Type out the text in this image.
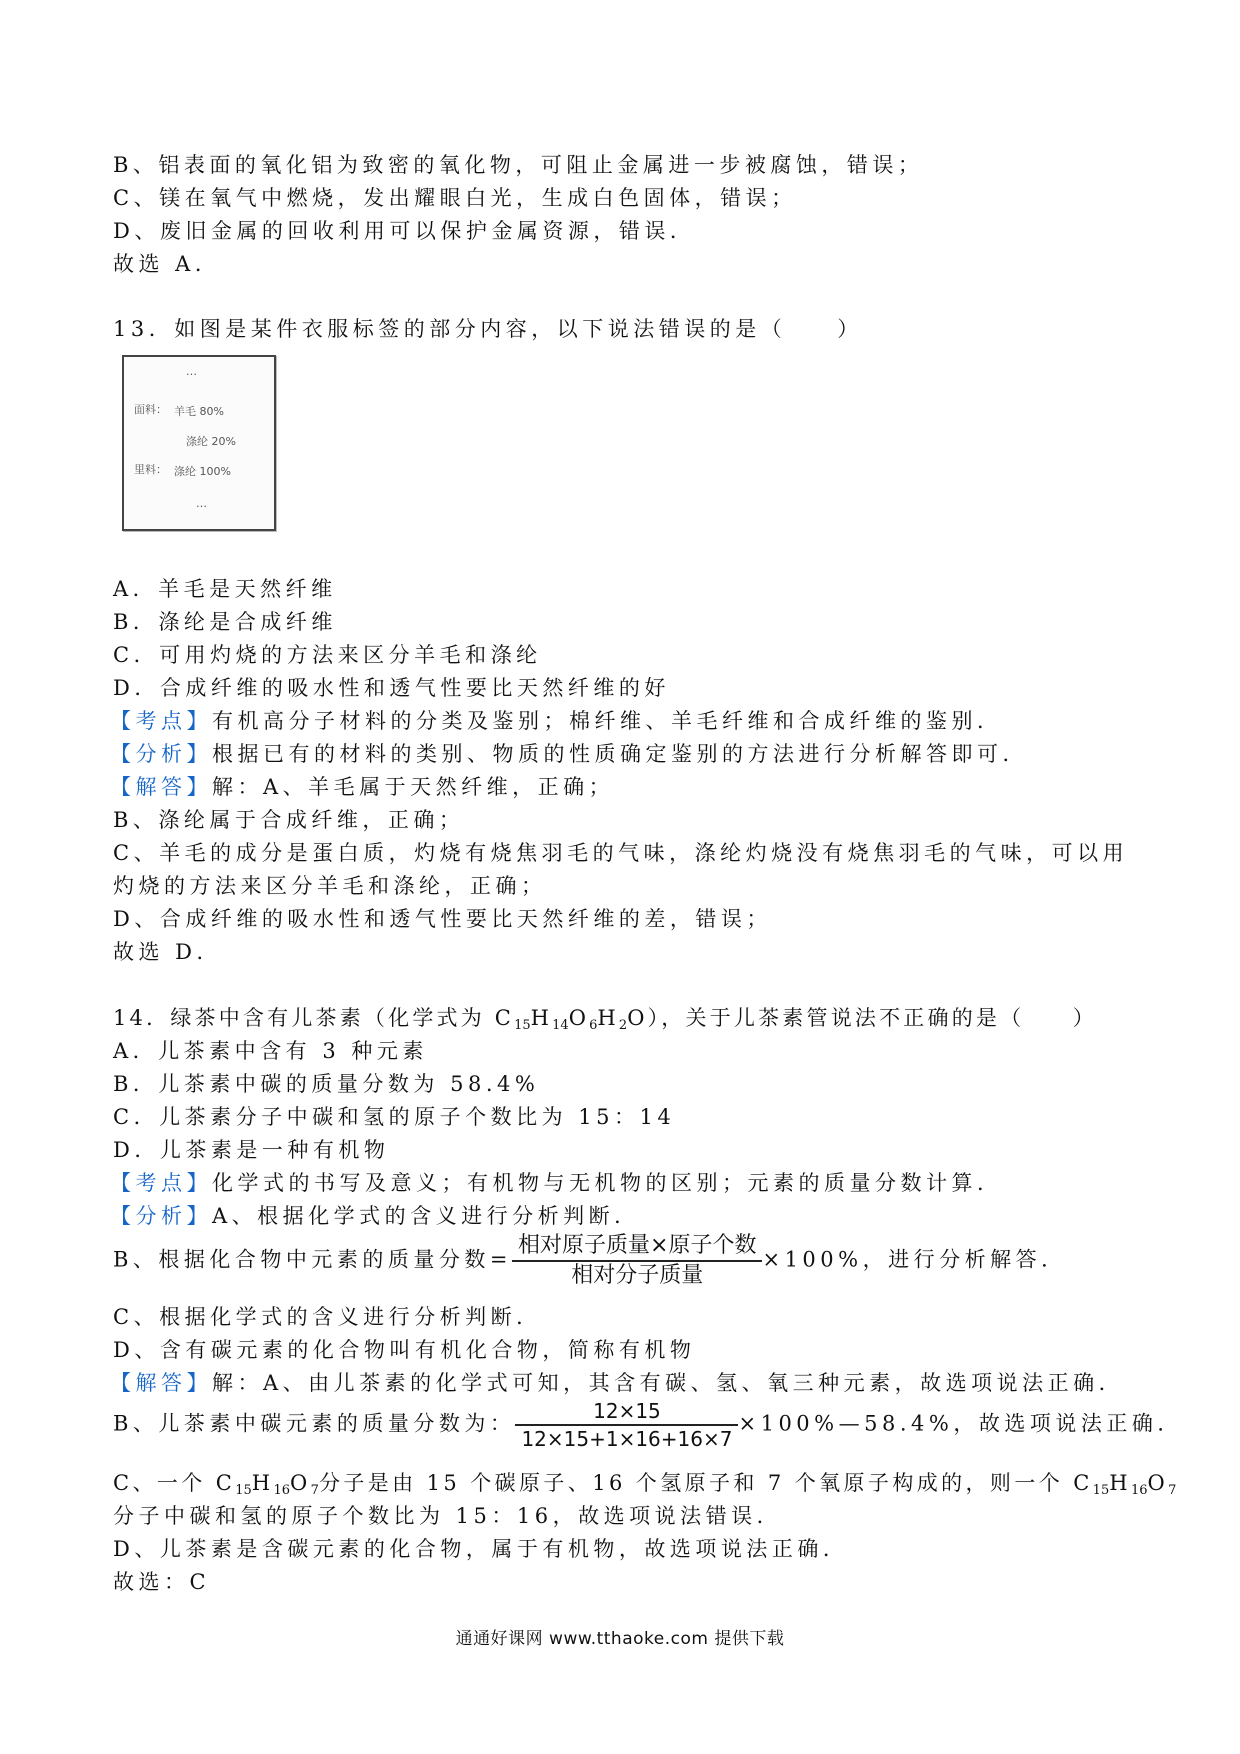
B、铝表面的氧化铝为致密的氧化物，可阻止金属进一步被腐蚀，错误；
C、镁在氧气中燃烧，发出耀眼白光，生成白色固体，错误；
D、废旧金属的回收利用可以保护金属资源，错误．
故选 A．
13．如图是某件衣服标签的部分内容，以下说法错误的是（　　）
…
面料： 羊毛 80%
涤纶 20%
里料： 涤纶 100%
…
A．羊毛是天然纤维
B．涤纶是合成纤维
C．可用灼烧的方法来区分羊毛和涤纶
D．合成纤维的吸水性和透气性要比天然纤维的好
【考点】有机高分子材料的分类及鉴别；棉纤维、羊毛纤维和合成纤维的鉴别．
【分析】根据已有的材料的类别、物质的性质确定鉴别的方法进行分析解答即可．
【解答】解：A、羊毛属于天然纤维，正确；
B、涤纶属于合成纤维，正确；
C、羊毛的成分是蛋白质，灼烧有烧焦羽毛的气味，涤纶灼烧没有烧焦羽毛的气味，可以用
灼烧的方法来区分羊毛和涤纶，正确；
D、合成纤维的吸水性和透气性要比天然纤维的差，错误；
故选 D．
14．绿茶中含有儿茶素（化学式为 $C_{15}H_{14}O_6H_2O$），关于儿茶素管说法不正确的是（　　）
A．儿茶素中含有 3 种元素
B．儿茶素中碳的质量分数为 58.4%
C．儿茶素分子中碳和氢的原子个数比为 15：14
D．儿茶素是一种有机物
【考点】化学式的书写及意义；有机物与无机物的区别；元素的质量分数计算．
【分析】A、根据化学式的含义进行分析判断．
B、根据化合物中元素的质量分数= $\frac{\text{相对原子质量×原子个数}}{\text{相对分子质量}} \times 100\%$，进行分析解答．
C、根据化学式的含义进行分析判断．
D、含有碳元素的化合物叫有机化合物，简称有机物
【解答】解：A、由儿茶素的化学式可知，其含有碳、氢、氧三种元素，故选项说法正确．
B、儿茶素中碳元素的质量分数为： $\frac{12\times 15}{12\times 15+1\times 16+16\times 7}$ ×100%—58.4%，故选项说法正确．
C、一个 $C_{15}H_{16}O_7$分子是由 15 个碳原子、16 个氢原子和 7 个氧原子构成的，则一个 $C_{15}H_{16}O_7$
分子中碳和氢的原子个数比为 15：16，故选项说法错误．
D、儿茶素是含碳元素的化合物，属于有机物，故选项说法正确．
故选：C
通通好课网 www.tthaoke.com 提供下载
